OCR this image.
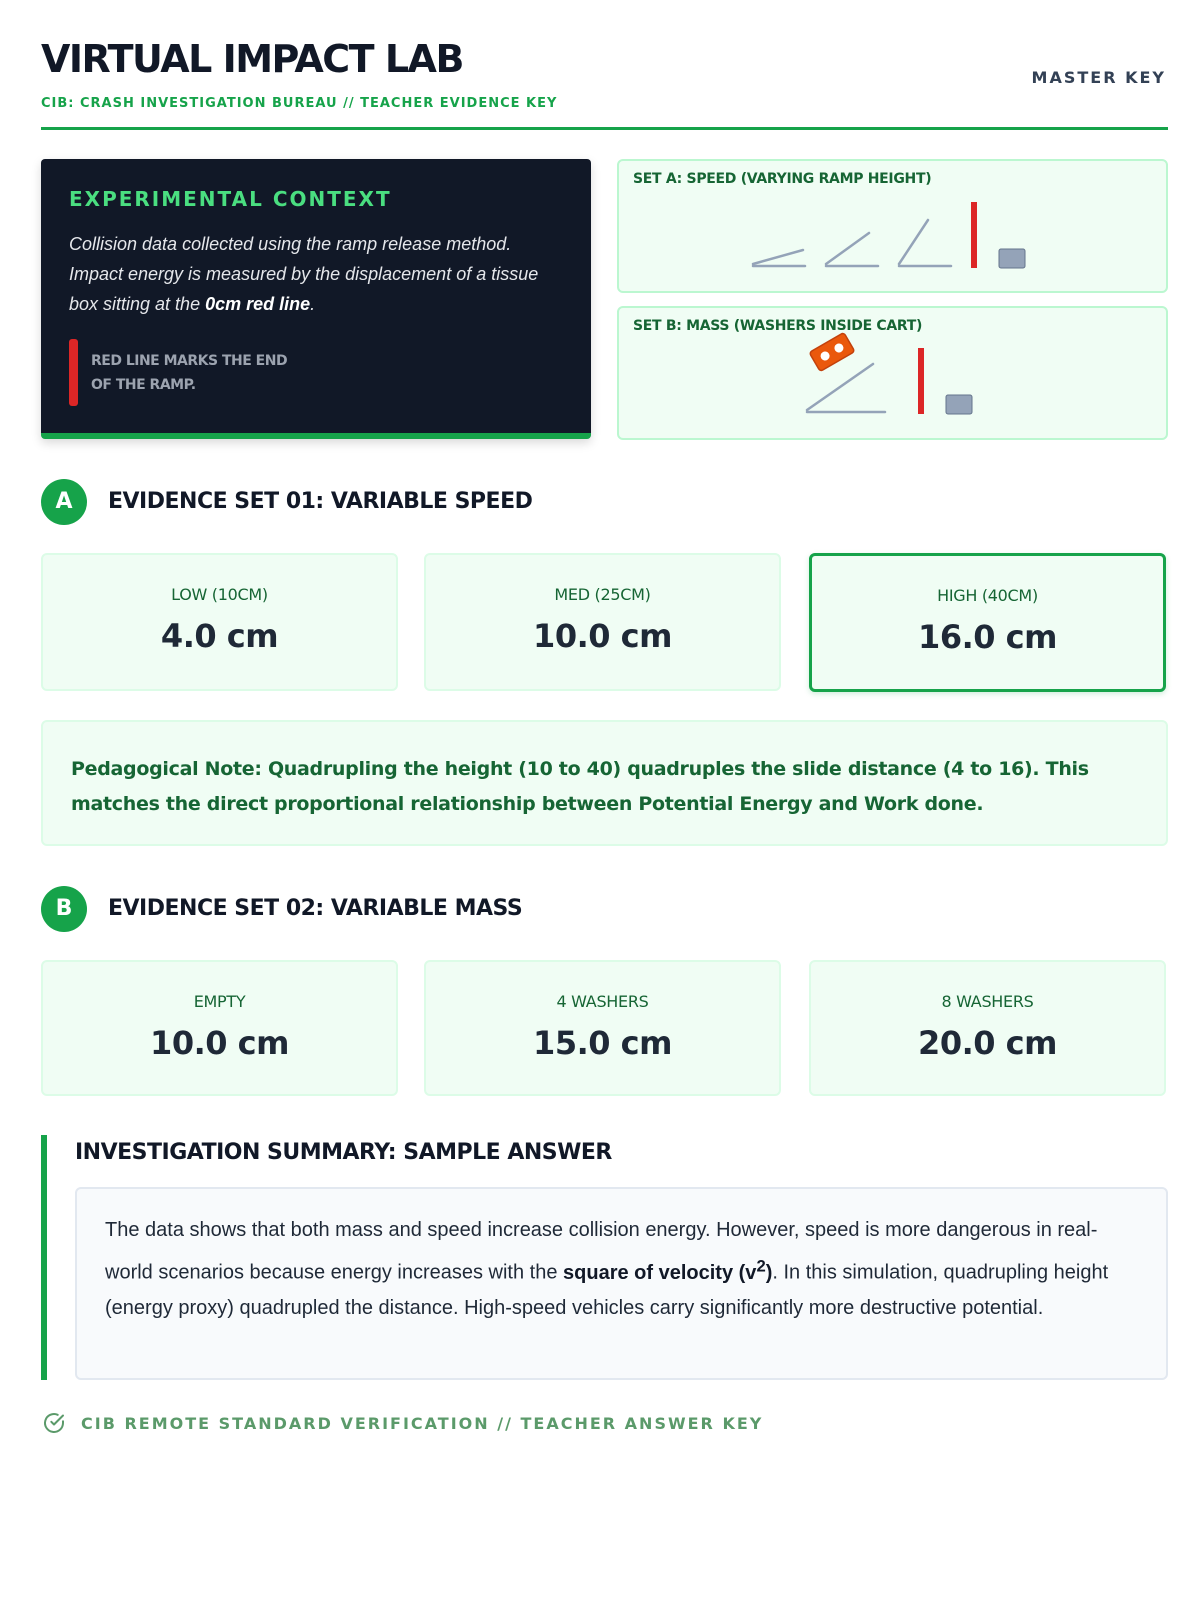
VIRTUAL IMPACT LAB
CIB: CRASH INVESTIGATION BUREAU // TEACHER EVIDENCE KEY
MASTER KEY
EXPERIMENTAL CONTEXT
Collision data collected using the ramp release method. Impact energy is measured by the displacement of a tissue box sitting at the 0cm red line.
RED LINE MARKS THE END OF THE RAMP.
SET A: SPEED (VARYING RAMP HEIGHT)
SET B: MASS (WASHERS INSIDE CART)
A	EVIDENCE SET 01: VARIABLE SPEED
LOW (10CM)
4.0 cm
MED (25CM)
10.0 cm
HIGH (40CM)
16.0 cm
Pedagogical Note: Quadrupling the height (10 to 40) quadruples the slide distance (4 to 16). This matches the direct proportional relationship between Potential Energy and Work done.
B	EVIDENCE SET 02: VARIABLE MASS
EMPTY
10.0 cm
4 WASHERS
15.0 cm
8 WASHERS
20.0 cm
INVESTIGATION SUMMARY: SAMPLE ANSWER
The data shows that both mass and speed increase collision energy. However, speed is more dangerous in real-world scenarios because energy increases with the square of velocity $(v^2)$. In this simulation, quadrupling height (energy proxy) quadrupled the distance. High-speed vehicles carry significantly more destructive potential.
CIB REMOTE STANDARD VERIFICATION // TEACHER ANSWER KEY
